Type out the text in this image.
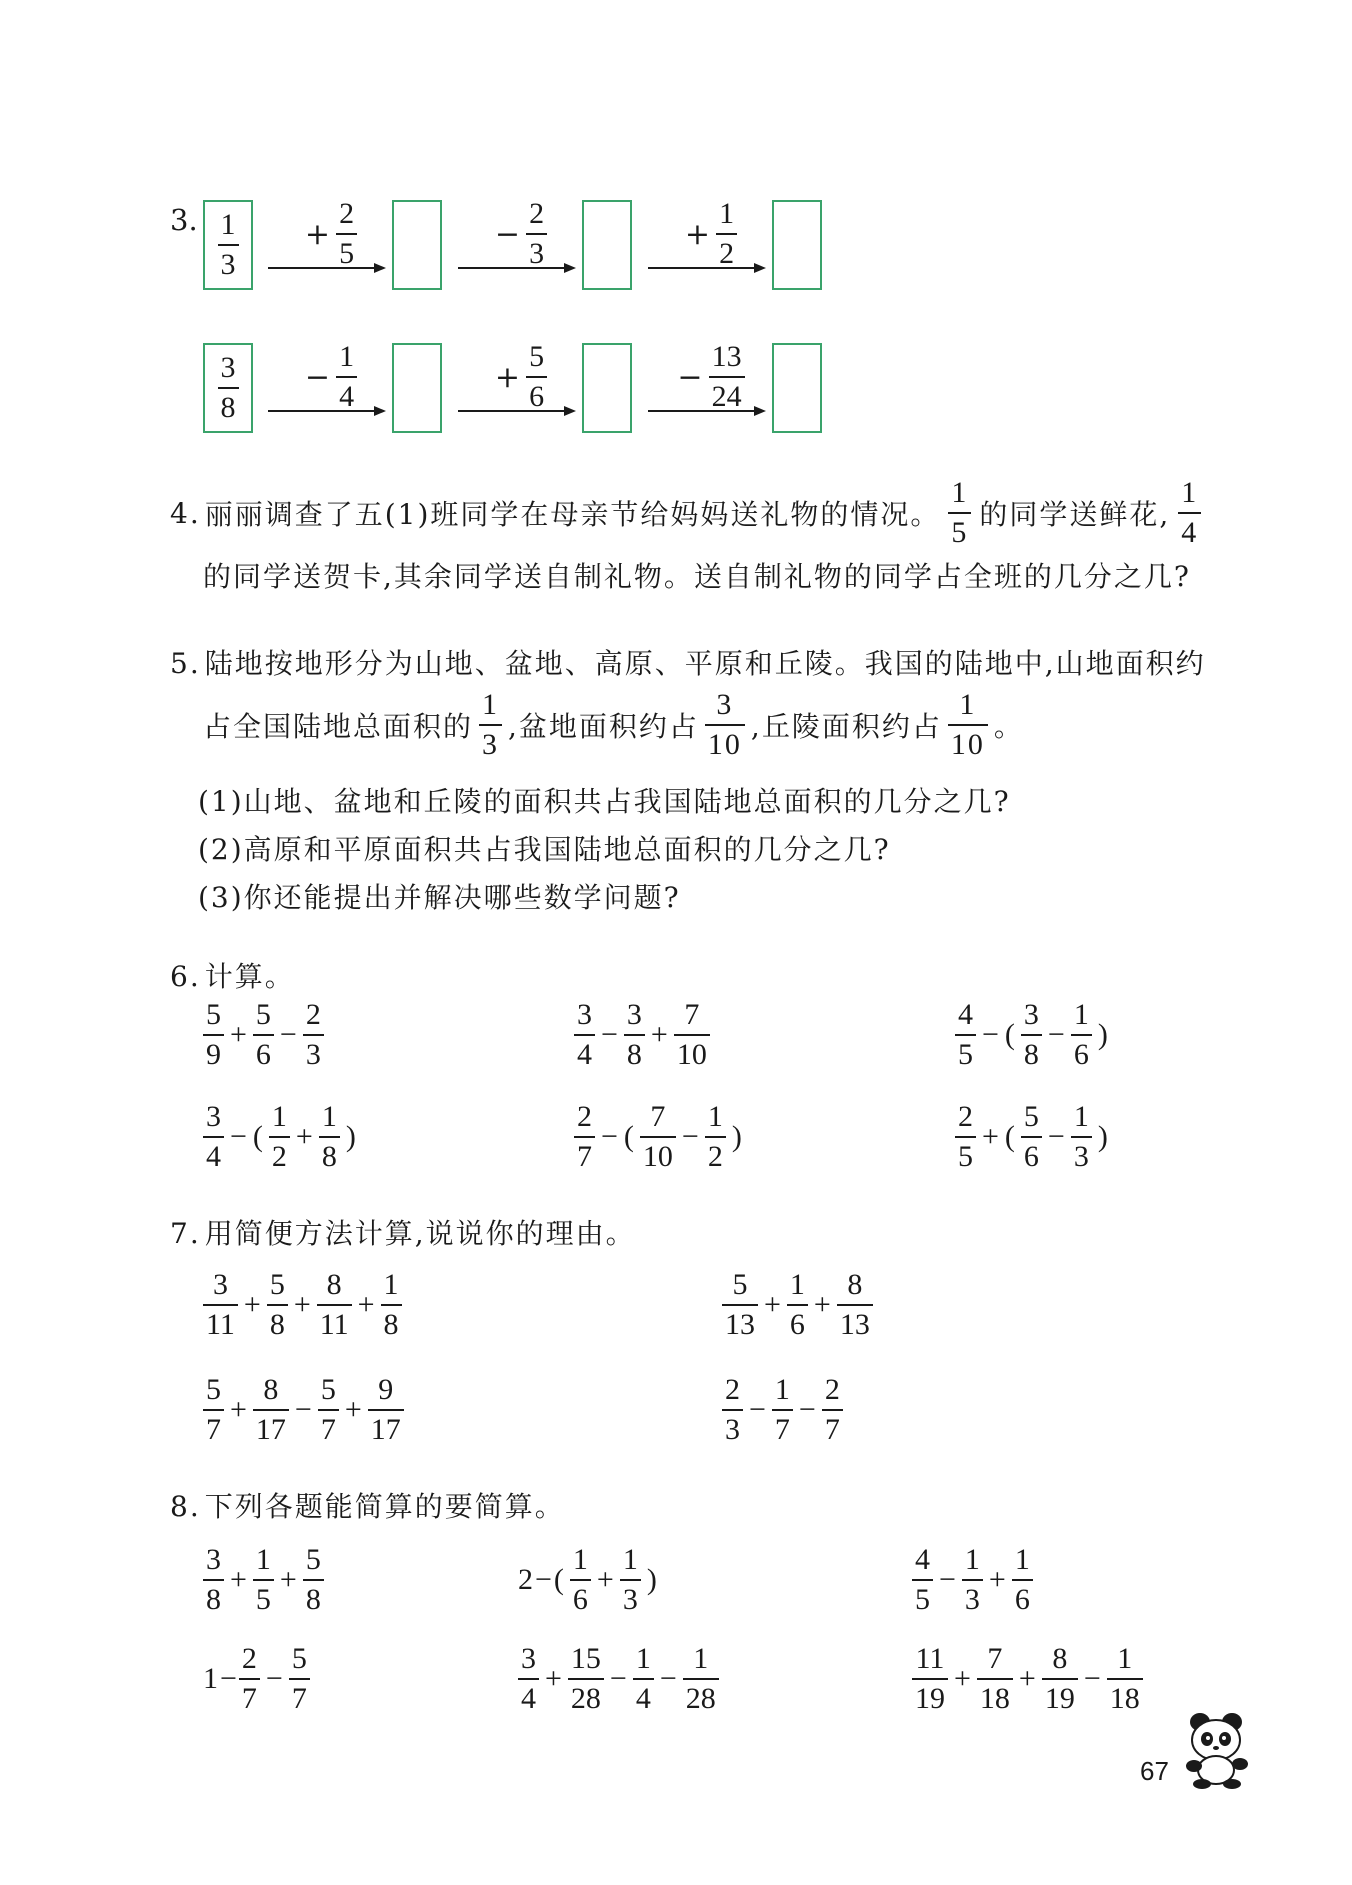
3. $\frac{1}{3} + \frac{2}{5}$	− $\frac{2}{3}$	+ $\frac{1}{2}$
$\frac{3}{8} - \frac{1}{4}$	+ $\frac{5}{6}$	− $\frac{13}{24}$
4. 丽丽调查了五(1)班同学在母亲节给妈妈送礼物的情况。 $\frac{1}{5}$ 的同学送鲜花, $\frac{1}{4}$
的同学送贺卡,其余同学送自制礼物。送自制礼物的同学占全班的几分之几?
5. 陆地按地形分为山地、盆地、高原、平原和丘陵。我国的陆地中,山地面积约
占全国陆地总面积的 $\frac{1}{3}$ ,盆地面积约占 $\frac{3}{10}$ ,丘陵面积约占 $\frac{1}{10}$ 。
(1)山地、盆地和丘陵的面积共占我国陆地总面积的几分之几?
(2)高原和平原面积共占我国陆地总面积的几分之几?
(3)你还能提出并解决哪些数学问题?
6. 计算。
$\frac{5}{9} + \frac{5}{6} - \frac{2}{3}$	$\frac{3}{4} - \frac{3}{8} + \frac{7}{10}$	$\frac{4}{5}$ − ( $\frac{3}{8} - \frac{1}{6}$ )
$\frac{3}{4}$ − ( $\frac{1}{2} + \frac{1}{8}$ )	$\frac{2}{7}$ − ( $\frac{7}{10} - \frac{1}{2}$ )	$\frac{2}{5}$ + ( $\frac{5}{6} - \frac{1}{3}$ )
7. 用简便方法计算,说说你的理由。
$\frac{3}{11} + \frac{5}{8} + \frac{8}{11} + \frac{1}{8}$	$\frac{5}{13} + \frac{1}{6} + \frac{8}{13}$
$\frac{5}{7} + \frac{8}{17} - \frac{5}{7} + \frac{9}{17}$	$\frac{2}{3} - \frac{1}{7} - \frac{2}{7}$
8. 下列各题能简算的要简算。
$\frac{3}{8} + \frac{1}{5} + \frac{5}{8}$	2 − ( $\frac{1}{6} + \frac{1}{3}$ )	$\frac{4}{5} - \frac{1}{3} + \frac{1}{6}$
$1 - \frac{2}{7} - \frac{5}{7}$	$\frac{3}{4} + \frac{15}{28} - \frac{1}{4} - \frac{1}{28}$	$\frac{11}{19} + \frac{7}{18} + \frac{8}{19} - \frac{1}{18}$
67
